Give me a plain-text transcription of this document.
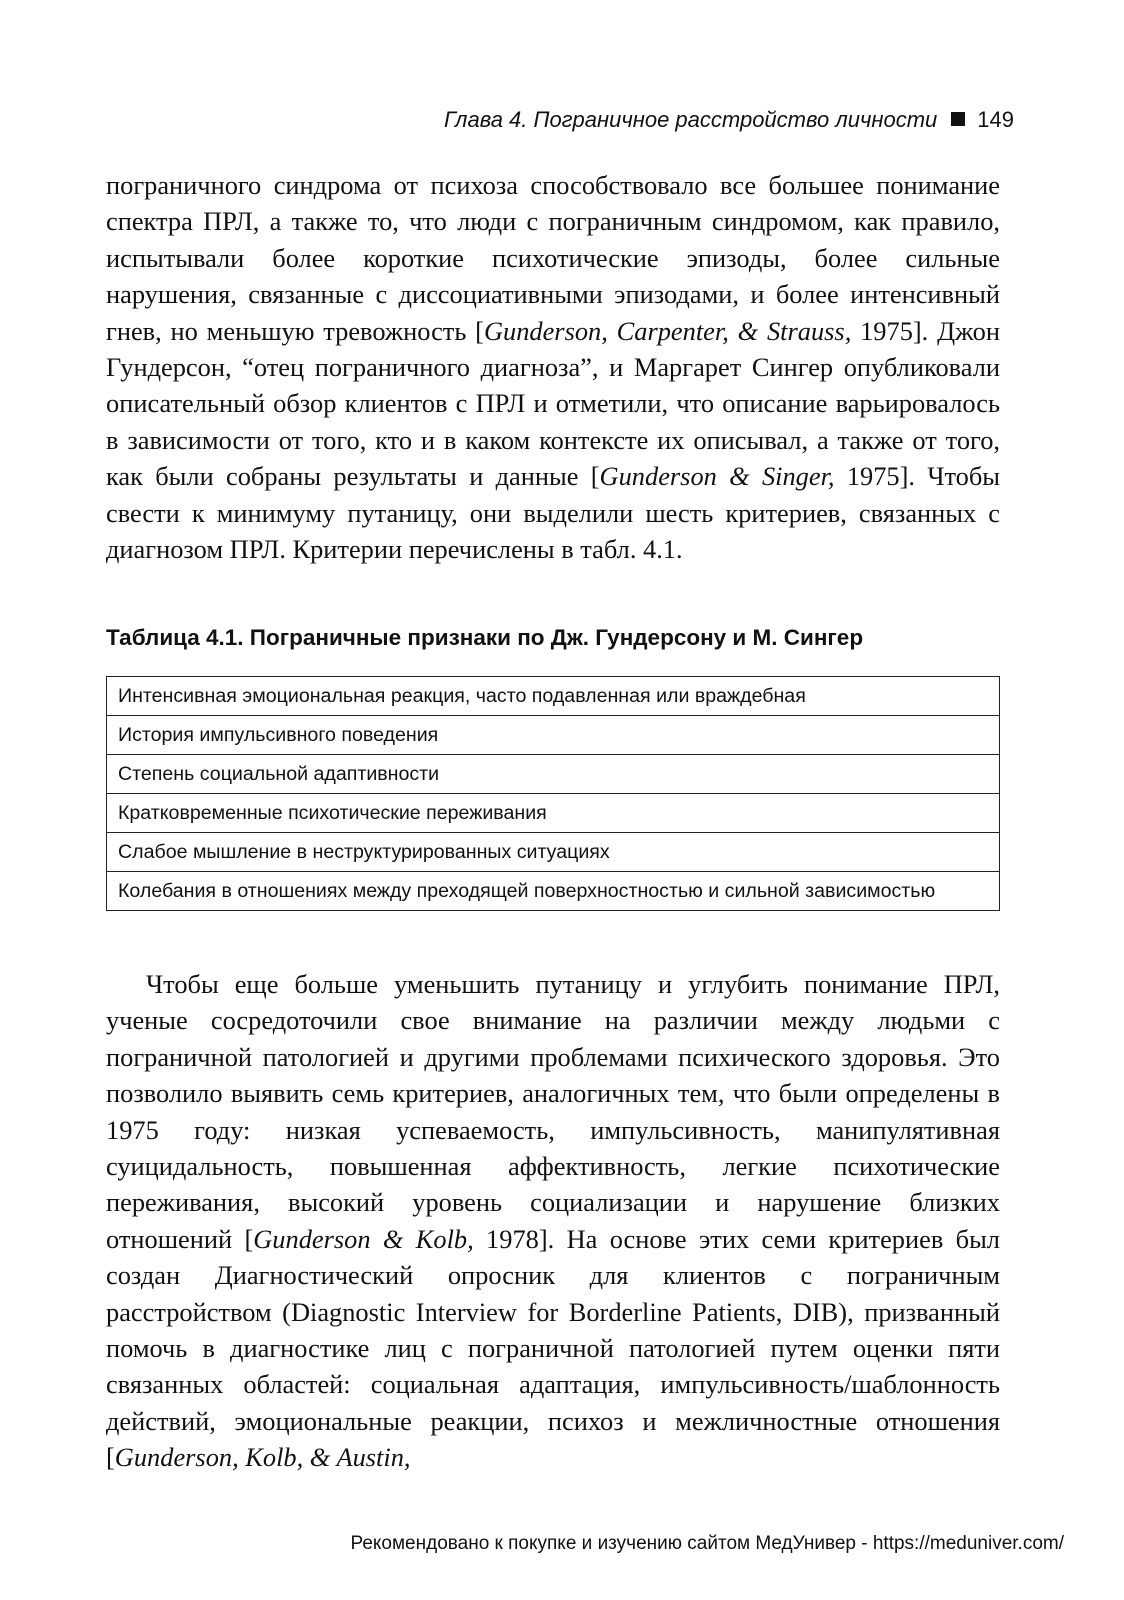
Глава 4. Пограничное расстройство личности 149

пограничного синдрома от психоза способствовало все большее понимание спектра ПРЛ, а также то, что люди с пограничным синдромом, как правило, испытывали более короткие психотические эпизоды, более сильные нарушения, связанные с диссоциативными эпизодами, и более интенсивный гнев, но меньшую тревожность [Gunderson, Carpenter, & Strauss, 1975]. Джон Гундерсон, “отец пограничного диагноза”, и Маргарет Сингер опубликовали описательный обзор клиентов с ПРЛ и отметили, что описание варьировалось в зависимости от того, кто и в каком контексте их описывал, а также от того, как были собраны результаты и данные [Gunderson & Singer, 1975]. Чтобы свести к минимуму путаницу, они выделили шесть критериев, связанных с диагнозом ПРЛ. Критерии перечислены в табл. 4.1.

Таблица 4.1. Пограничные признаки по Дж. Гундерсону и М. Сингер

Интенсивная эмоциональная реакция, часто подавленная или враждебная
История импульсивного поведения
Степень социальной адаптивности
Кратковременные психотические переживания
Слабое мышление в неструктурированных ситуациях
Колебания в отношениях между преходящей поверхностностью и сильной зависимостью

Чтобы еще больше уменьшить путаницу и углубить понимание ПРЛ, ученые сосредоточили свое внимание на различии между людьми с пограничной патологией и другими проблемами психического здоровья. Это позволило выявить семь критериев, аналогичных тем, что были определены в 1975 году: низкая успеваемость, импульсивность, манипулятивная суицидальность, повышенная аффективность, легкие психотические переживания, высокий уровень социализации и нарушение близких отношений [Gunderson & Kolb, 1978]. На основе этих семи критериев был создан Диагностический опросник для клиентов с пограничным расстройством (Diagnostic Interview for Borderline Patients, DIB), призванный помочь в диагностике лиц с пограничной патологией путем оценки пяти связанных областей: социальная адаптация, импульсивность/шаблонность действий, эмоциональные реакции, психоз и межличностные отношения [Gunderson, Kolb, & Austin,

Рекомендовано к покупке и изучению сайтом МедУнивер - https://meduniver.com/
